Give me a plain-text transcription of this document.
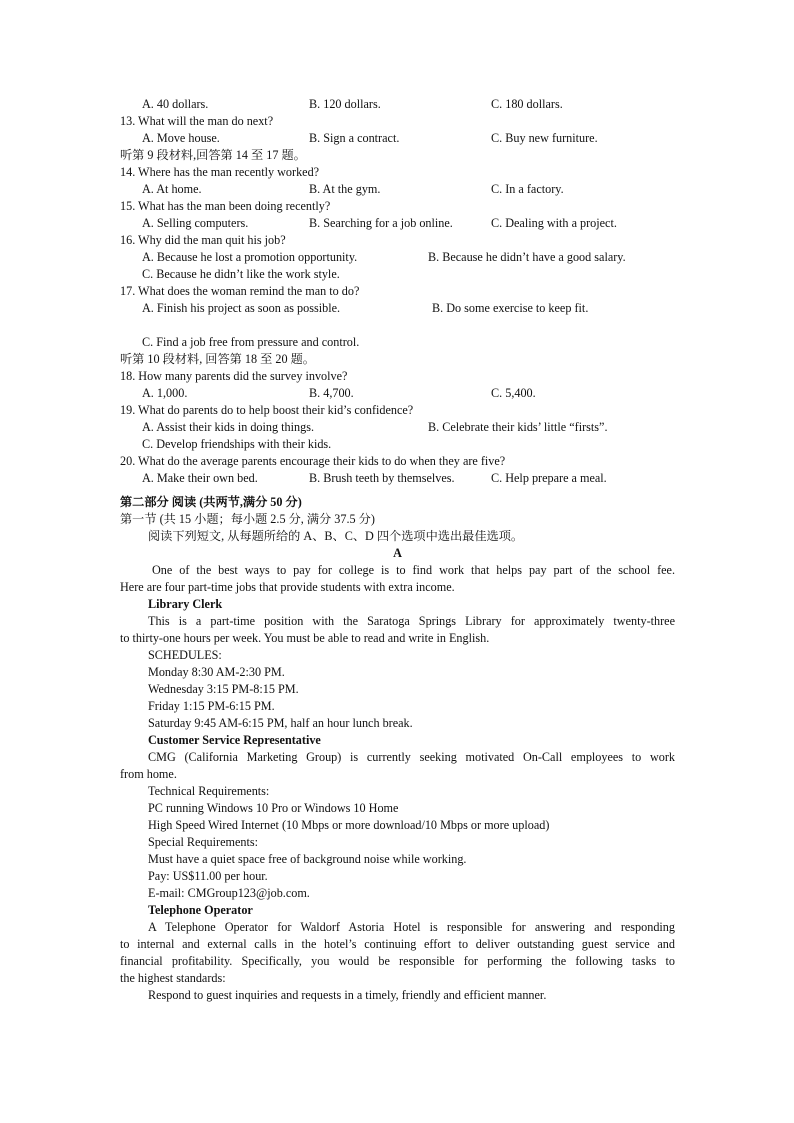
A. 40 dollars.	B. 120 dollars.	C. 180 dollars.
13. What will the man do next?
A. Move house.	B. Sign a contract.	C. Buy new furniture.
听第 9 段材料,回答第 14 至 17 题。
14. Where has the man recently worked?
A. At home.	B. At the gym.	C. In a factory.
15. What has the man been doing recently?
A. Selling computers.	B. Searching for a job online.	C. Dealing with a project.
16. Why did the man quit his job?
A. Because he lost a promotion opportunity.	B. Because he didn’t have a good salary.
C. Because he didn’t like the work style.
17. What does the woman remind the man to do?
A. Finish his project as soon as possible.	B. Do some exercise to keep fit.
C. Find a job free from pressure and control.
听第 10 段材料, 回答第 18 至 20 题。
18. How many parents did the survey involve?
A. 1,000.	B. 4,700.	C. 5,400.
19. What do parents do to help boost their kid’s confidence?
A. Assist their kids in doing things.	B. Celebrate their kids’ little “firsts”.
C. Develop friendships with their kids.
20. What do the average parents encourage their kids to do when they are five?
A. Make their own bed.	B. Brush teeth by themselves.	C. Help prepare a meal.
第二部分 阅读 (共两节,满分 50 分)
第一节 (共 15 小题；每小题 2.5 分, 满分 37.5 分)
阅读下列短文, 从每题所给的 A、B、C、D 四个选项中选出最佳选项。
A
One of the best ways to pay for college is to find work that helps pay part of the school fee.
Here are four part-time jobs that provide students with extra income.
Library Clerk
This is a part-time position with the Saratoga Springs Library for approximately twenty-three
to thirty-one hours per week. You must be able to read and write in English.
SCHEDULES:
Monday 8:30 AM-2:30 PM.
Wednesday 3:15 PM-8:15 PM.
Friday 1:15 PM-6:15 PM.
Saturday 9:45 AM-6:15 PM, half an hour lunch break.
Customer Service Representative
CMG (California Marketing Group) is currently seeking motivated On-Call employees to work
from home.
Technical Requirements:
PC running Windows 10 Pro or Windows 10 Home
High Speed Wired Internet (10 Mbps or more download/10 Mbps or more upload)
Special Requirements:
Must have a quiet space free of background noise while working.
Pay: US$11.00 per hour.
E-mail: CMGroup123@job.com.
Telephone Operator
A Telephone Operator for Waldorf Astoria Hotel is responsible for answering and responding
to internal and external calls in the hotel’s continuing effort to deliver outstanding guest service and
financial profitability. Specifically, you would be responsible for performing the following tasks to
the highest standards:
Respond to guest inquiries and requests in a timely, friendly and efficient manner.
